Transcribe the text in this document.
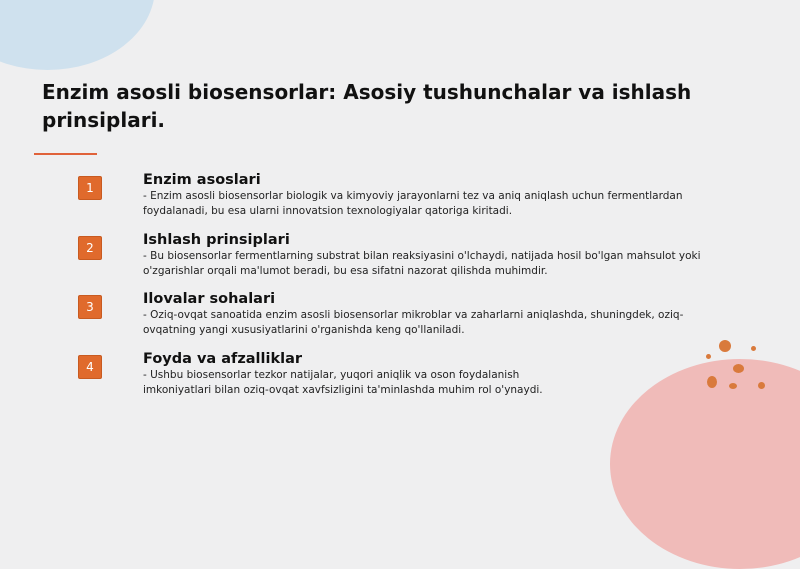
Enzim asosli biosensorlar: Asosiy tushunchalar va ishlash prinsiplari.
1	Enzim asoslari

- Enzim asosli biosensorlar biologik va kimyoviy jarayonlarni tez va aniq aniqlash uchun fermentlardan foydalanadi, bu esa ularni innovatsion texnologiyalar qatoriga kiritadi.

2	Ishlash prinsiplari

- Bu biosensorlar fermentlarning substrat bilan reaksiyasini o'lchaydi, natijada hosil bo'lgan mahsulot yoki o'zgarishlar orqali ma'lumot beradi, bu esa sifatni nazorat qilishda muhimdir.

3	Ilovalar sohalari

- Oziq-ovqat sanoatida enzim asosli biosensorlar mikroblar va zaharlarni aniqlashda, shuningdek, oziq-ovqatning yangi xususiyatlarini o'rganishda keng qo'llaniladi.

4	Foyda va afzalliklar

- Ushbu biosensorlar tezkor natijalar, yuqori aniqlik va oson foydalanish imkoniyatlari bilan oziq-ovqat xavfsizligini ta'minlashda muhim rol o'ynaydi.
